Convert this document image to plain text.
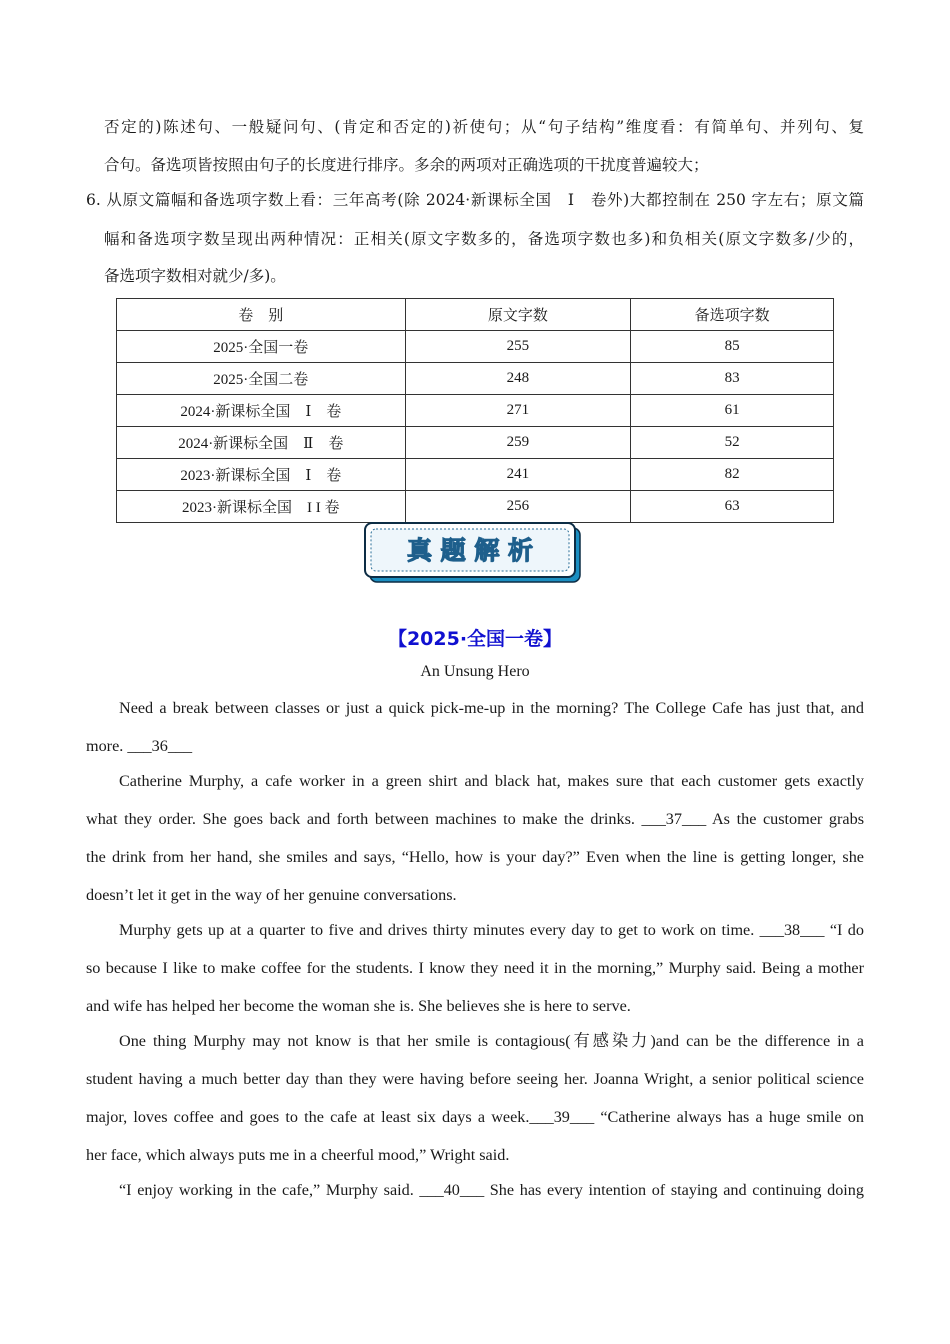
否定的)陈述句、一般疑问句、(肯定和否定的)祈使句；从“句子结构”维度看：有简单句、并列句、复
合句。备选项皆按照由句子的长度进行排序。多余的两项对正确选项的干扰度普遍较大；
6. 从原文篇幅和备选项字数上看：三年高考(除 2024·新课标全国　Ⅰ　卷外)大都控制在 250 字左右；原文篇
幅和备选项字数呈现出两种情况：正相关(原文字数多的，备选项字数也多)和负相关(原文字数多/少的，
备选项字数相对就少/多)。
卷　别	原文字数	备选项字数
2025·全国一卷	255	85
2025·全国二卷	248	83
2024·新课标全国　Ⅰ　卷	271	61
2024·新课标全国　Ⅱ　卷	259	52
2023·新课标全国　Ⅰ　卷	241	82
2023·新课标全国　I I 卷	256	63
真 题 解 析
【2025·全国一卷】
An Unsung Hero
Need a break between classes or just a quick pick-me-up in the morning? The College Cafe has just that, and
more. ___36___
Catherine Murphy, a cafe worker in a green shirt and black hat, makes sure that each customer gets exactly
what they order. She goes back and forth between machines to make the drinks. ___37___ As the customer grabs
the drink from her hand, she smiles and says, “Hello, how is your day?” Even when the line is getting longer, she
doesn’t let it get in the way of her genuine conversations.
Murphy gets up at a quarter to five and drives thirty minutes every day to get to work on time. ___38___ “I do
so because I like to make coffee for the students. I know they need it in the morning,” Murphy said. Being a mother
and wife has helped her become the woman she is. She believes she is here to serve.
One thing Murphy may not know is that her smile is contagious(有感染力)and can be the difference in a
student having a much better day than they were having before seeing her. Joanna Wright, a senior political science
major, loves coffee and goes to the cafe at least six days a week.___39___ “Catherine always has a huge smile on
her face, which always puts me in a cheerful mood,” Wright said.
“I enjoy working in the cafe,” Murphy said. ___40___ She has every intention of staying and continuing doing
